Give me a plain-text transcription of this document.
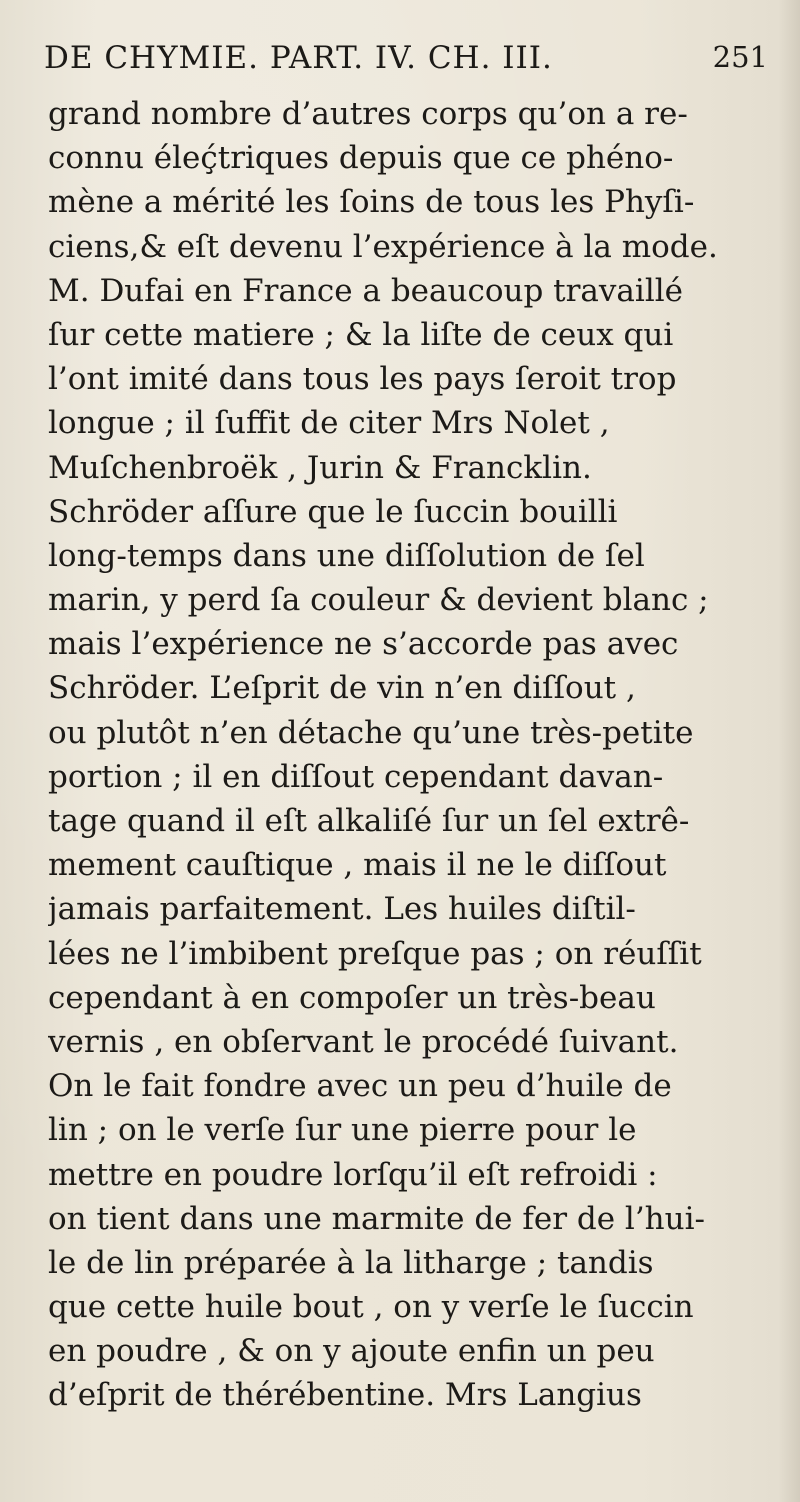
DE CHYMIE. PART. IV. CH. III.	251
grand nombre d’autres corps qu’on a re-
connu éleḉtriques depuis que ce phéno-
mène a mérité les ſoins de tous les Phyſi-
ciens,& eſt devenu l’expérience à la mode.
M. Dufai en France a beaucoup travaillé
ſur cette matiere ; & la liſte de ceux qui
l’ont imité dans tous les pays ſeroit trop
longue ; il ſuffit de citer Mrs Nolet ,
Muſchenbroëk , Jurin & Francklin.
Schröder aſſure que le ſuccin bouilli
long-temps dans une diſſolution de ſel
marin, y perd ſa couleur & devient blanc ;
mais l’expérience ne s’accorde pas avec
Schröder. L’eſprit de vin n’en diſſout ,
ou plutôt n’en détache qu’une très-petite
portion ; il en diſſout cependant davan-
tage quand il eſt alkaliſé ſur un ſel extrê-
mement cauſtique , mais il ne le diſſout
jamais parfaitement. Les huiles diſtil-
lées ne l’imbibent preſque pas ; on réuſſit
cependant à en compoſer un très-beau
vernis , en obſervant le procédé ſuivant.
On le fait fondre avec un peu d’huile de
lin ; on le verſe ſur une pierre pour le
mettre en poudre lorſqu’il eſt refroidi :
on tient dans une marmite de fer de l’hui-
le de lin préparée à la litharge ; tandis
que cette huile bout , on y verſe le ſuccin
en poudre , & on y ajoute enfin un peu
d’eſprit de thérébentine. Mrs Langius
